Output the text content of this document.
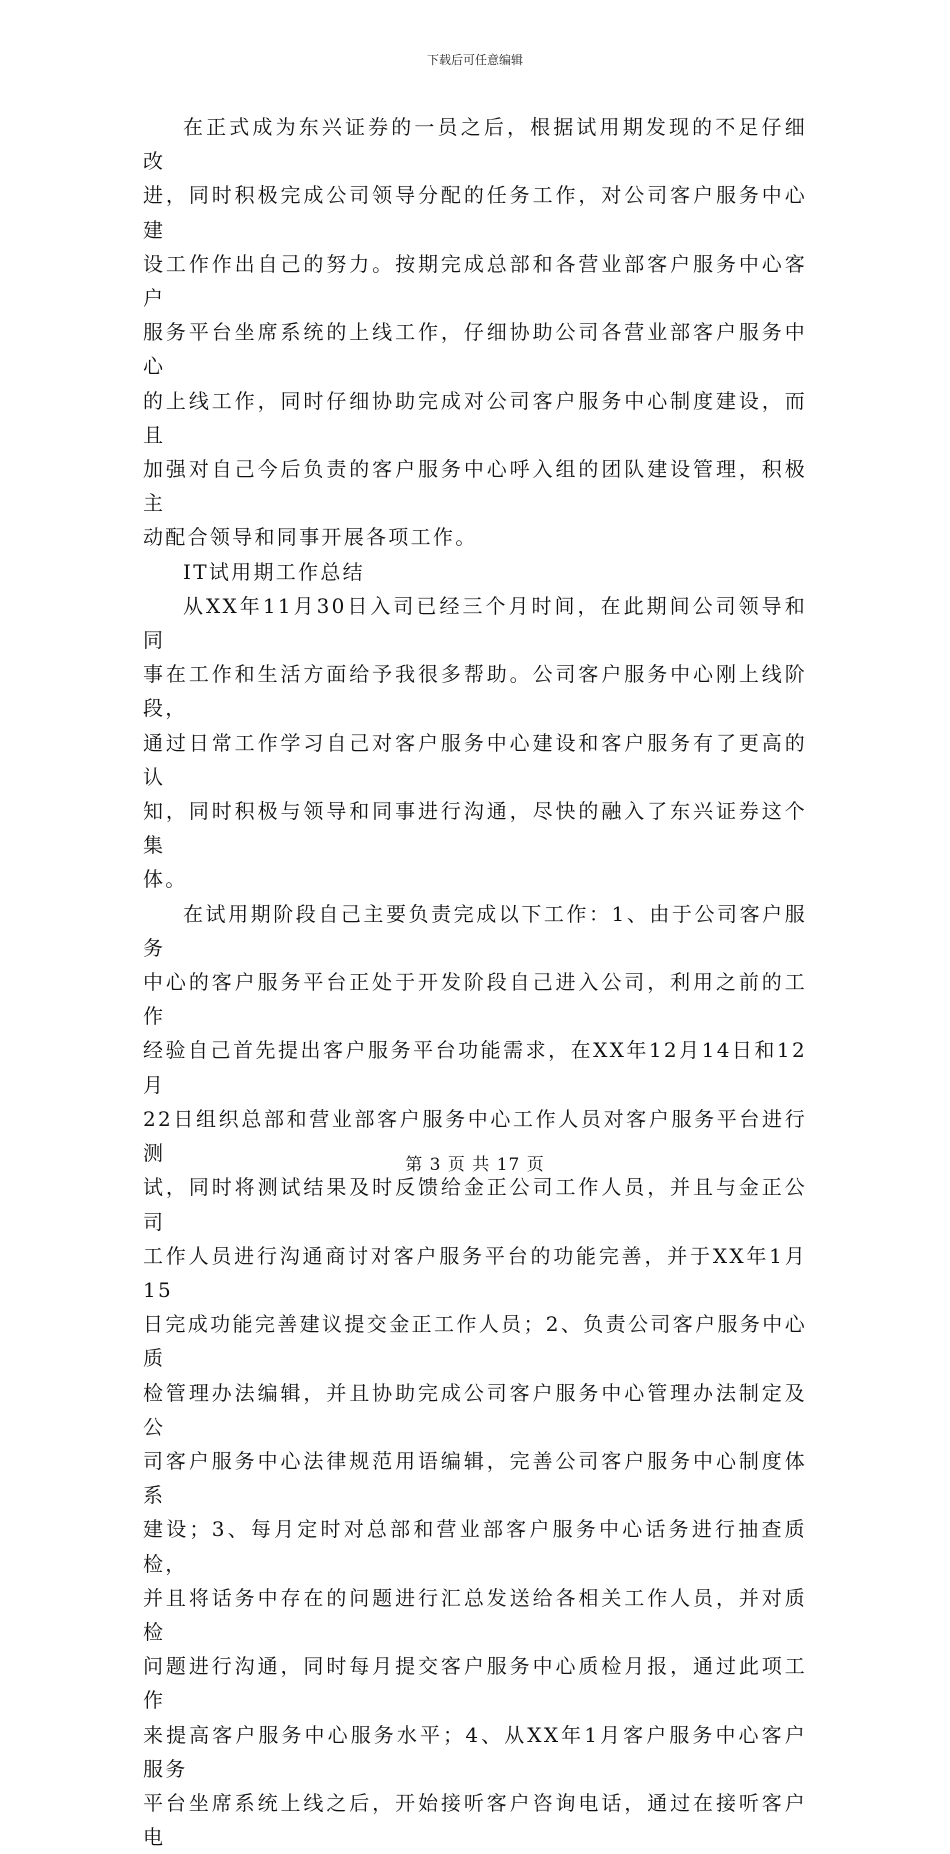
下载后可任意编辑

在正式成为东兴证券的一员之后，根据试用期发现的不足仔细改
进，同时积极完成公司领导分配的任务工作，对公司客户服务中心建
设工作作出自己的努力。按期完成总部和各营业部客户服务中心客户
服务平台坐席系统的上线工作，仔细协助公司各营业部客户服务中心
的上线工作，同时仔细协助完成对公司客户服务中心制度建设，而且
加强对自己今后负责的客户服务中心呼入组的团队建设管理，积极主
动配合领导和同事开展各项工作。

IT试用期工作总结

从XX年11月30日入司已经三个月时间，在此期间公司领导和同
事在工作和生活方面给予我很多帮助。公司客户服务中心刚上线阶段，
通过日常工作学习自己对客户服务中心建设和客户服务有了更高的认
知，同时积极与领导和同事进行沟通，尽快的融入了东兴证券这个集
体。

在试用期阶段自己主要负责完成以下工作：1、由于公司客户服务
中心的客户服务平台正处于开发阶段自己进入公司，利用之前的工作
经验自己首先提出客户服务平台功能需求，在XX年12月14日和12月
22日组织总部和营业部客户服务中心工作人员对客户服务平台进行测
试，同时将测试结果及时反馈给金正公司工作人员，并且与金正公司
工作人员进行沟通商讨对客户服务平台的功能完善，并于XX年1月15
日完成功能完善建议提交金正工作人员；2、负责公司客户服务中心质
检管理办法编辑，并且协助完成公司客户服务中心管理办法制定及公
司客户服务中心法律规范用语编辑，完善公司客户服务中心制度体系
建设；3、每月定时对总部和营业部客户服务中心话务进行抽查质检，
并且将话务中存在的问题进行汇总发送给各相关工作人员，并对质检
问题进行沟通，同时每月提交客户服务中心质检月报，通过此项工作
来提高客户服务中心服务水平；4、从XX年1月客户服务中心客户服务
平台坐席系统上线之后，开始接听客户咨询电话，通过在接听客户电

第 3 页 共 17 页
